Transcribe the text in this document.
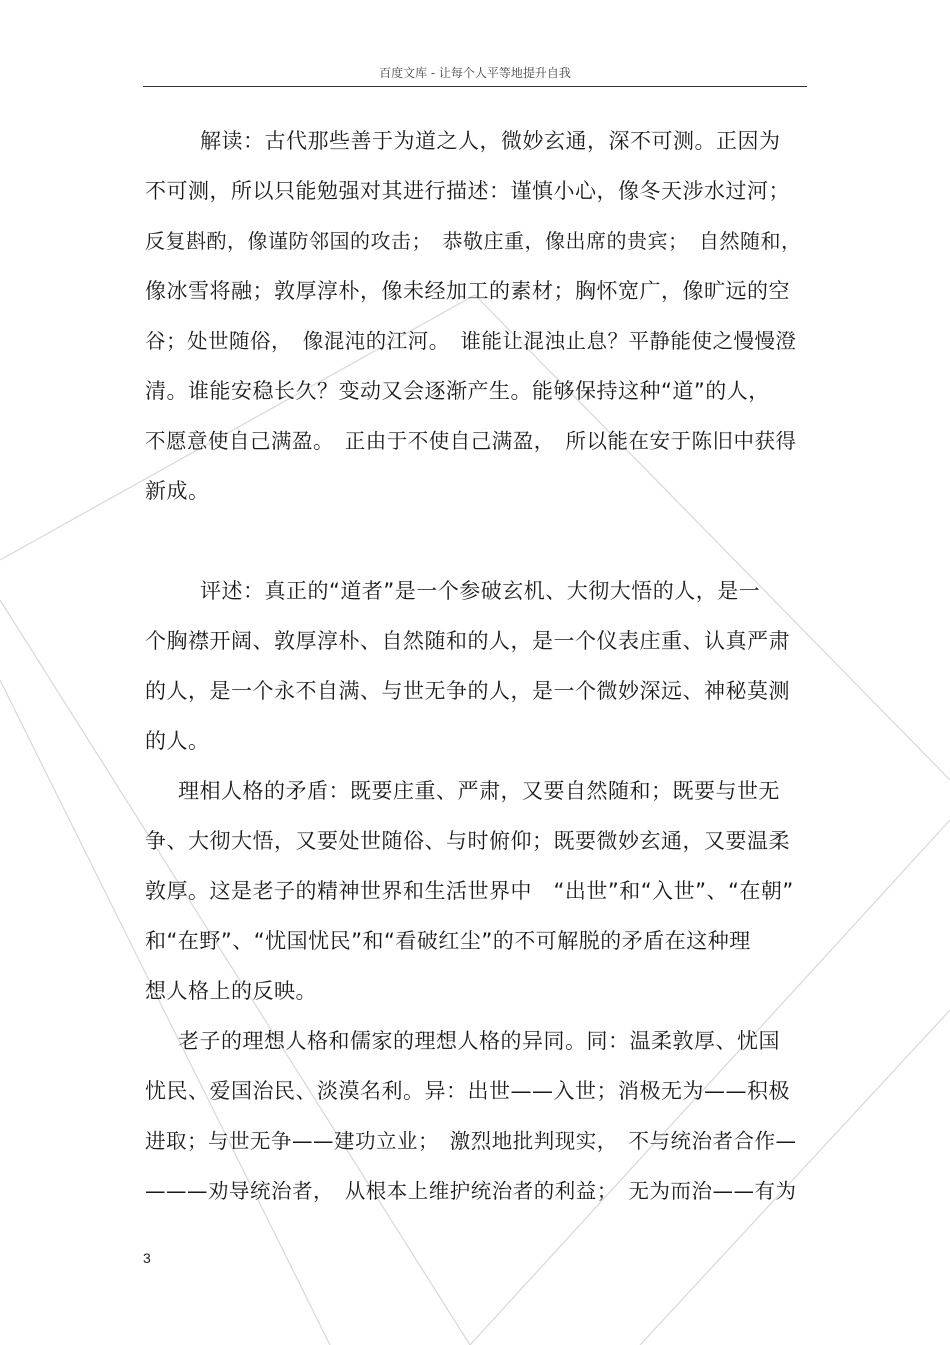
百度文库 - 让每个人平等地提升自我
解读：古代那些善于为道之人，微妙玄通，深不可测。正因为
不可测，所以只能勉强对其进行描述：谨慎小心，像冬天涉水过河；
反复斟酌，像谨防邻国的攻击；　恭敬庄重，像出席的贵宾；　自然随和，
像冰雪将融；敦厚淳朴，像未经加工的素材；胸怀宽广，像旷远的空
谷；处世随俗，　像混沌的江河。　谁能让混浊止息？平静能使之慢慢澄
清。谁能安稳长久？变动又会逐渐产生。能够保持这种“道”的人，
不愿意使自己满盈。　正由于不使自己满盈，　所以能在安于陈旧中获得
新成。
评述：真正的“道者”是一个参破玄机、大彻大悟的人，是一
个胸襟开阔、敦厚淳朴、自然随和的人，是一个仪表庄重、认真严肃
的人，是一个永不自满、与世无争的人，是一个微妙深远、神秘莫测
的人。
理相人格的矛盾：既要庄重、严肃，又要自然随和；既要与世无
争、大彻大悟，又要处世随俗、与时俯仰；既要微妙玄通，又要温柔
敦厚。这是老子的精神世界和生活世界中　“出世”和“入世”、“在朝”
和“在野”、“忧国忧民”和“看破红尘”的不可解脱的矛盾在这种理
想人格上的反映。
老子的理想人格和儒家的理想人格的异同。同：温柔敦厚、忧国
忧民、爱国治民、淡漠名利。异：出世——入世；消极无为——积极
进取；与世无争——建功立业；　激烈地批判现实，　不与统治者合作—
———劝导统治者，　从根本上维护统治者的利益；　无为而治——有为
3
